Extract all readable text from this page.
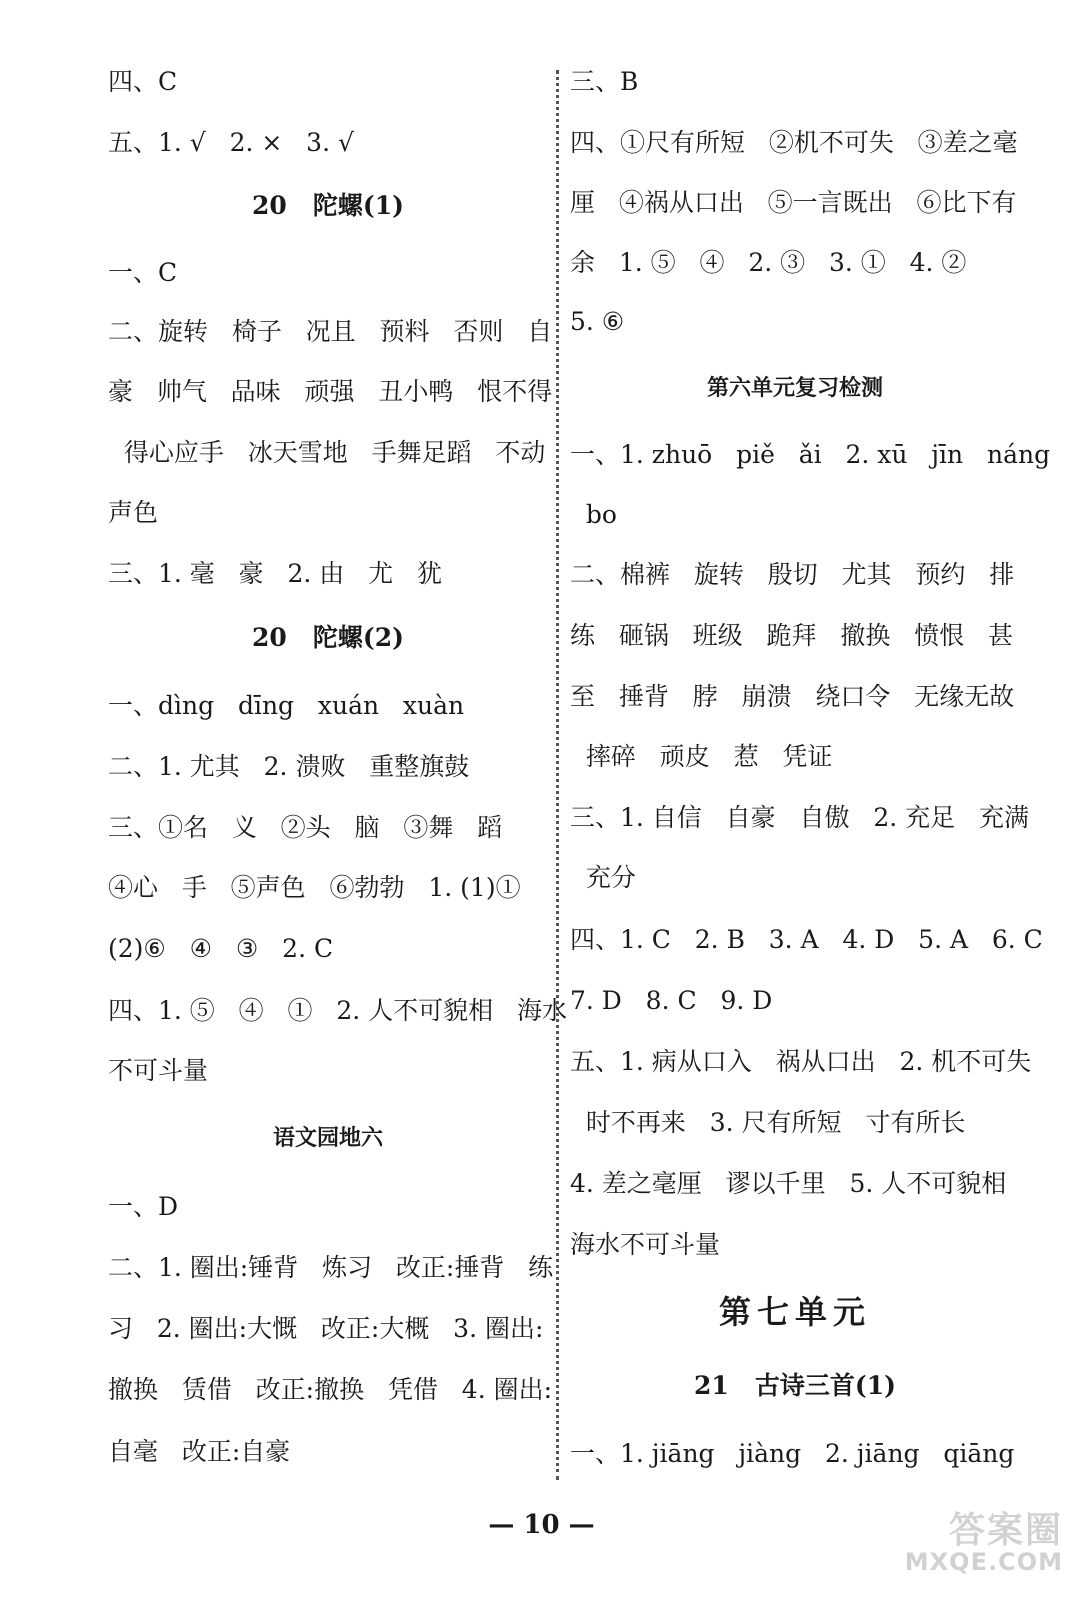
四、C
五、1. √   2. ×   3. √
20   陀螺(1)
一、C
二、旋转   椅子   况且   预料   否则   自
豪   帅气   品味   顽强   丑小鸭   恨不得
得心应手   冰天雪地   手舞足蹈   不动
声色
三、1. 毫   豪   2. 由   尤   犹
20   陀螺(2)
一、dìng   dīng   xuán   xuàn
二、1. 尤其   2. 溃败   重整旗鼓
三、①名   义   ②头   脑   ③舞   蹈
④心   手   ⑤声色   ⑥勃勃   1. (1)①
(2)⑥   ④   ③   2. C
四、1. ⑤   ④   ①   2. 人不可貌相   海水
不可斗量
语文园地六
一、D
二、1. 圈出:锤背   炼习   改正:捶背   练
习   2. 圈出:大慨   改正:大概   3. 圈出:
撤换   赁借   改正:撤换   凭借   4. 圈出:
自毫   改正:自豪
三、B
四、①尺有所短   ②机不可失   ③差之毫
厘   ④祸从口出   ⑤一言既出   ⑥比下有
余   1. ⑤   ④   2. ③   3. ①   4. ②
5. ⑥
第六单元复习检测
一、1. zhuō   piě   ǎi   2. xū   jīn   náng
bo
二、棉裤   旋转   殷切   尤其   预约   排
练   砸锅   班级   跪拜   撤换   愤恨   甚
至   捶背   脖   崩溃   绕口令   无缘无故
摔碎   顽皮   惹   凭证
三、1. 自信   自豪   自傲   2. 充足   充满
充分
四、1. C   2. B   3. A   4. D   5. A   6. C
7. D   8. C   9. D
五、1. 病从口入   祸从口出   2. 机不可失
时不再来   3. 尺有所短   寸有所长
4. 差之毫厘   谬以千里   5. 人不可貌相
海水不可斗量
第七单元
21   古诗三首(1)
一、1. jiāng   jiàng   2. jiāng   qiāng
— 10 —	答案圈
MXQE.COM
